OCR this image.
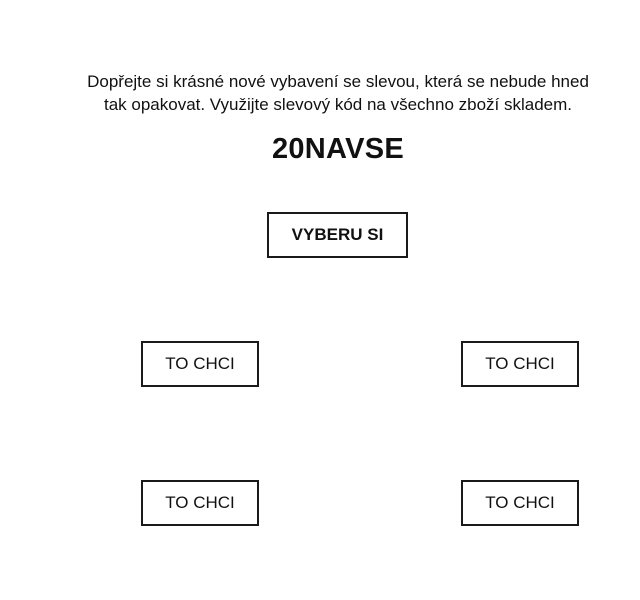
Dopřejte si krásné nové vybavení se slevou, která se nebude hned
tak opakovat. Využijte slevový kód na všechno zboží skladem.
20NAVSE
VYBERU SI
TO CHCI	TO CHCI
TO CHCI	TO CHCI
